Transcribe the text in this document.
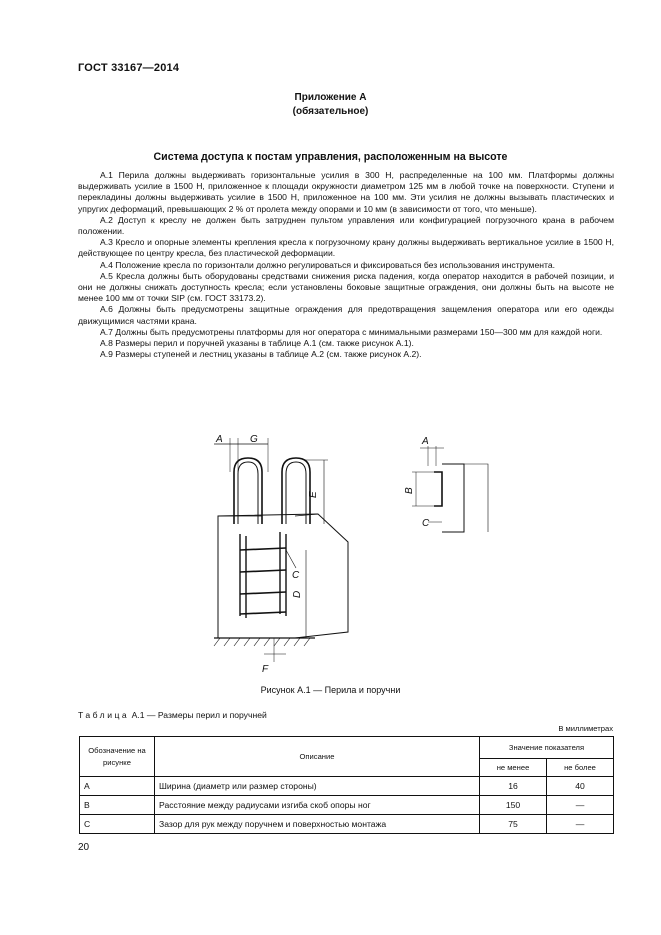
ГОСТ 33167—2014
Приложение А
(обязательное)
Система доступа к постам управления, расположенным на высоте

А.1 Перила должны выдерживать горизонтальные усилия в 300 Н, распределенные на 100 мм. Платформы должны выдерживать усилие в 1500 Н, приложенное к площади окружности диаметром 125 мм в любой точке на поверхности. Ступени и перекладины должны выдерживать усилие в 1500 Н, приложенное на 100 мм. Эти усилия не должны вызывать пластических и упругих деформаций, превышающих 2 % от пролета между опорами и 10 мм (в зависимости от того, что меньше).

А.2 Доступ к креслу не должен быть затруднен пультом управления или конфигурацией погрузочного крана в рабочем положении.

А.3 Кресло и опорные элементы крепления кресла к погрузочному крану должны выдерживать вертикальное усилие в 1500 Н, действующее по центру кресла, без пластической деформации.

А.4 Положение кресла по горизонтали должно регулироваться и фиксироваться без использования инструмента.

А.5 Кресла должны быть оборудованы средствами снижения риска падения, когда оператор находится в рабочей позиции, и они не должны снижать доступность кресла; если установлены боковые защитные ограждения, они должны быть на высоте не менее 100 мм от точки SIP (см. ГОСТ 33173.2).

А.6 Должны быть предусмотрены защитные ограждения для предотвращения защемления оператора или его одежды движущимися частями крана.

А.7 Должны быть предусмотрены платформы для ног оператора с минимальными размерами 150—300 мм для каждой ноги.

А.8 Размеры перил и поручней указаны в таблице А.1 (см. также рисунок А.1).

А.9 Размеры ступеней и лестниц указаны в таблице А.2 (см. также рисунок А.2).

A	G
E
C
D
F
A
B
C
Рисунок А.1 — Перила и поручни
Таблица А.1 — Размеры перил и поручней
В миллиметрах
Обозначение на рисунке	Описание	Значение показателя	
		не менее	не более
A	Ширина (диаметр или размер стороны)	16	40
B	Расстояние между радиусами изгиба скоб опоры ног	150	—
C	Зазор для рук между поручнем и поверхностью монтажа	75	—
20
